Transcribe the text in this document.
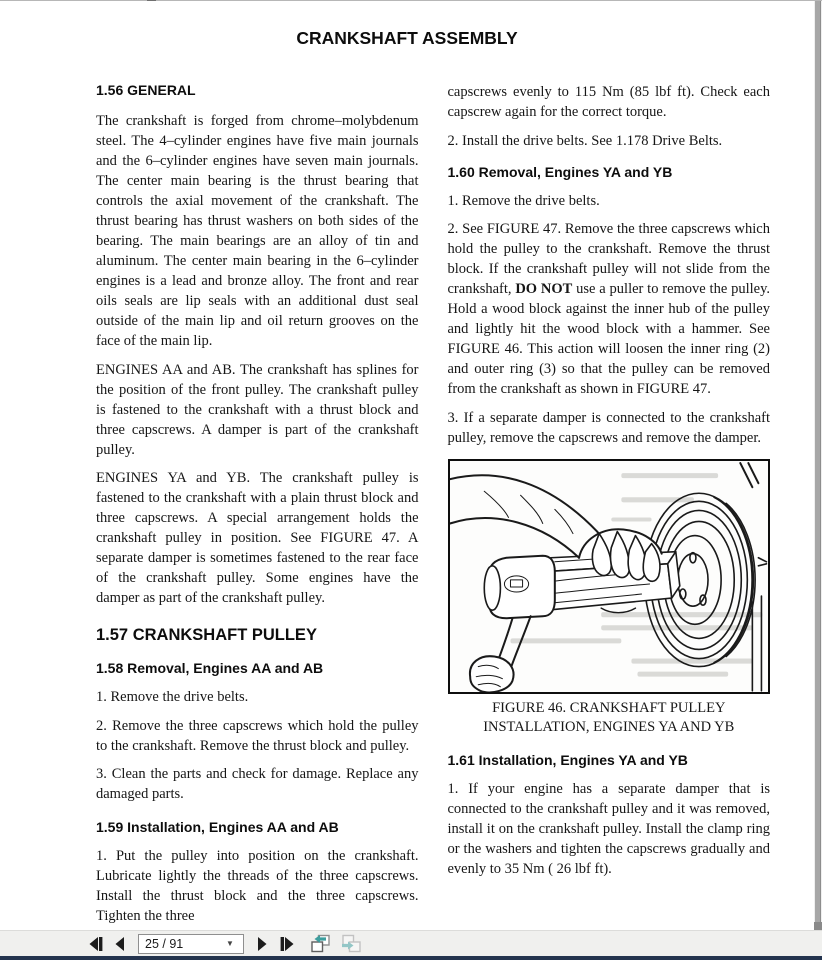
CRANKSHAFT ASSEMBLY
1.56 GENERAL

The crankshaft is forged from chrome–molybdenum steel. The 4–cylinder engines have five main journals and the 6–cylinder engines have seven main journals. The center main bearing is the thrust bearing that controls the axial movement of the crankshaft. The thrust bearing has thrust washers on both sides of the bearing. The main bearings are an alloy of tin and aluminum. The center main bearing in the 6–cylinder engines is a lead and bronze alloy. The front and rear oils seals are lip seals with an additional dust seal outside of the main lip and oil return grooves on the face of the main lip.

ENGINES AA and AB. The crankshaft has splines for the position of the front pulley. The crankshaft pulley is fastened to the crankshaft with a thrust block and three capscrews. A damper is part of the crankshaft pulley.

ENGINES YA and YB. The crankshaft pulley is fastened to the crankshaft with a plain thrust block and three capscrews. A special arrangement holds the crankshaft pulley in position. See FIGURE 47. A separate damper is sometimes fastened to the rear face of the crankshaft pulley. Some engines have the damper as part of the crankshaft pulley.

1.57 CRANKSHAFT PULLEY
1.58 Removal, Engines AA and AB

1. Remove the drive belts.

2. Remove the three capscrews which hold the pulley to the crankshaft. Remove the thrust block and pulley.

3. Clean the parts and check for damage. Replace any damaged parts.

1.59 Installation, Engines AA and AB

1. Put the pulley into position on the crankshaft. Lubricate lightly the threads of the three capscrews. Install the thrust block and the three capscrews. Tighten the three

capscrews evenly to 115 Nm (85 lbf ft). Check each capscrew again for the correct torque.

2. Install the drive belts. See 1.178 Drive Belts.

1.60 Removal, Engines YA and YB

1. Remove the drive belts.

2. See FIGURE 47. Remove the three capscrews which hold the pulley to the crankshaft. Remove the thrust block. If the crankshaft pulley will not slide from the crankshaft, DO NOT use a puller to remove the pulley. Hold a wood block against the inner hub of the pulley and lightly hit the wood block with a hammer. See FIGURE 46. This action will loosen the inner ring (2) and outer ring (3) so that the pulley can be removed from the crankshaft as shown in FIGURE 47.

3. If a separate damper is connected to the crankshaft pulley, remove the capscrews and remove the damper.

FIGURE 46. CRANKSHAFT PULLEY
INSTALLATION, ENGINES YA AND YB
1.61 Installation, Engines YA and YB

1. If your engine has a separate damper that is connected to the crankshaft pulley and it was removed, install it on the crankshaft pulley. Install the clamp ring or the washers and tighten the capscrews gradually and evenly to 35 Nm ( 26 lbf ft).

25 / 91
▼
